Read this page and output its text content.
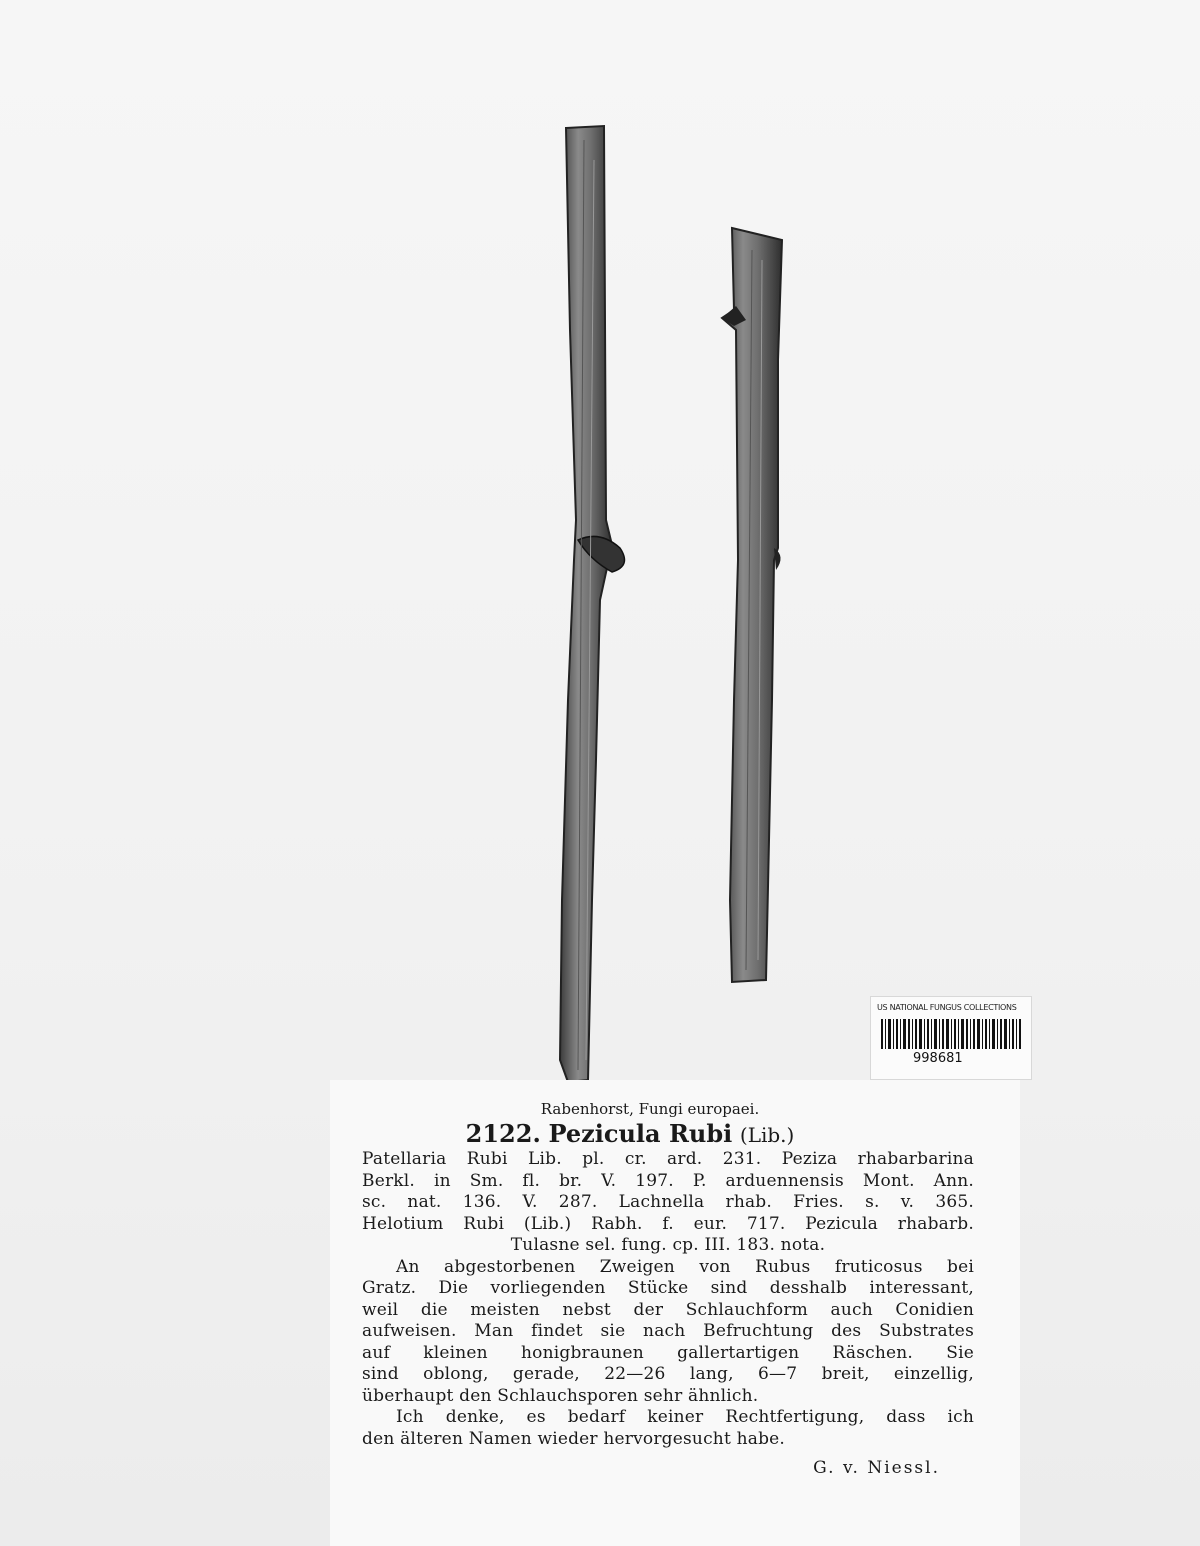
US NATIONAL FUNGUS COLLECTIONS
998681
Rabenhorst, Fungi europaei.
2122. Pezicula Rubi (Lib.)
Patellaria Rubi Lib. pl. cr. ard. 231. Peziza rhabarbarina
Berkl. in Sm. fl. br. V. 197. P. arduennensis Mont. Ann.
sc. nat. 136. V. 287. Lachnella rhab. Fries. s. v. 365.
Helotium Rubi (Lib.) Rabh. f. eur. 717. Pezicula rhabarb.
Tulasne sel. fung. cp. III. 183. nota.
An abgestorbenen Zweigen von Rubus fruticosus bei
Gratz. Die vorliegenden Stücke sind desshalb interessant,
weil die meisten nebst der Schlauchform auch Conidien
aufweisen. Man findet sie nach Befruchtung des Substrates
auf kleinen honigbraunen gallertartigen Räschen. Sie
sind oblong, gerade, 22—26 lang, 6—7 breit, einzellig,
überhaupt den Schlauchsporen sehr ähnlich.
Ich denke, es bedarf keiner Rechtfertigung, dass ich
den älteren Namen wieder hervorgesucht habe.
G. v. Niessl.
